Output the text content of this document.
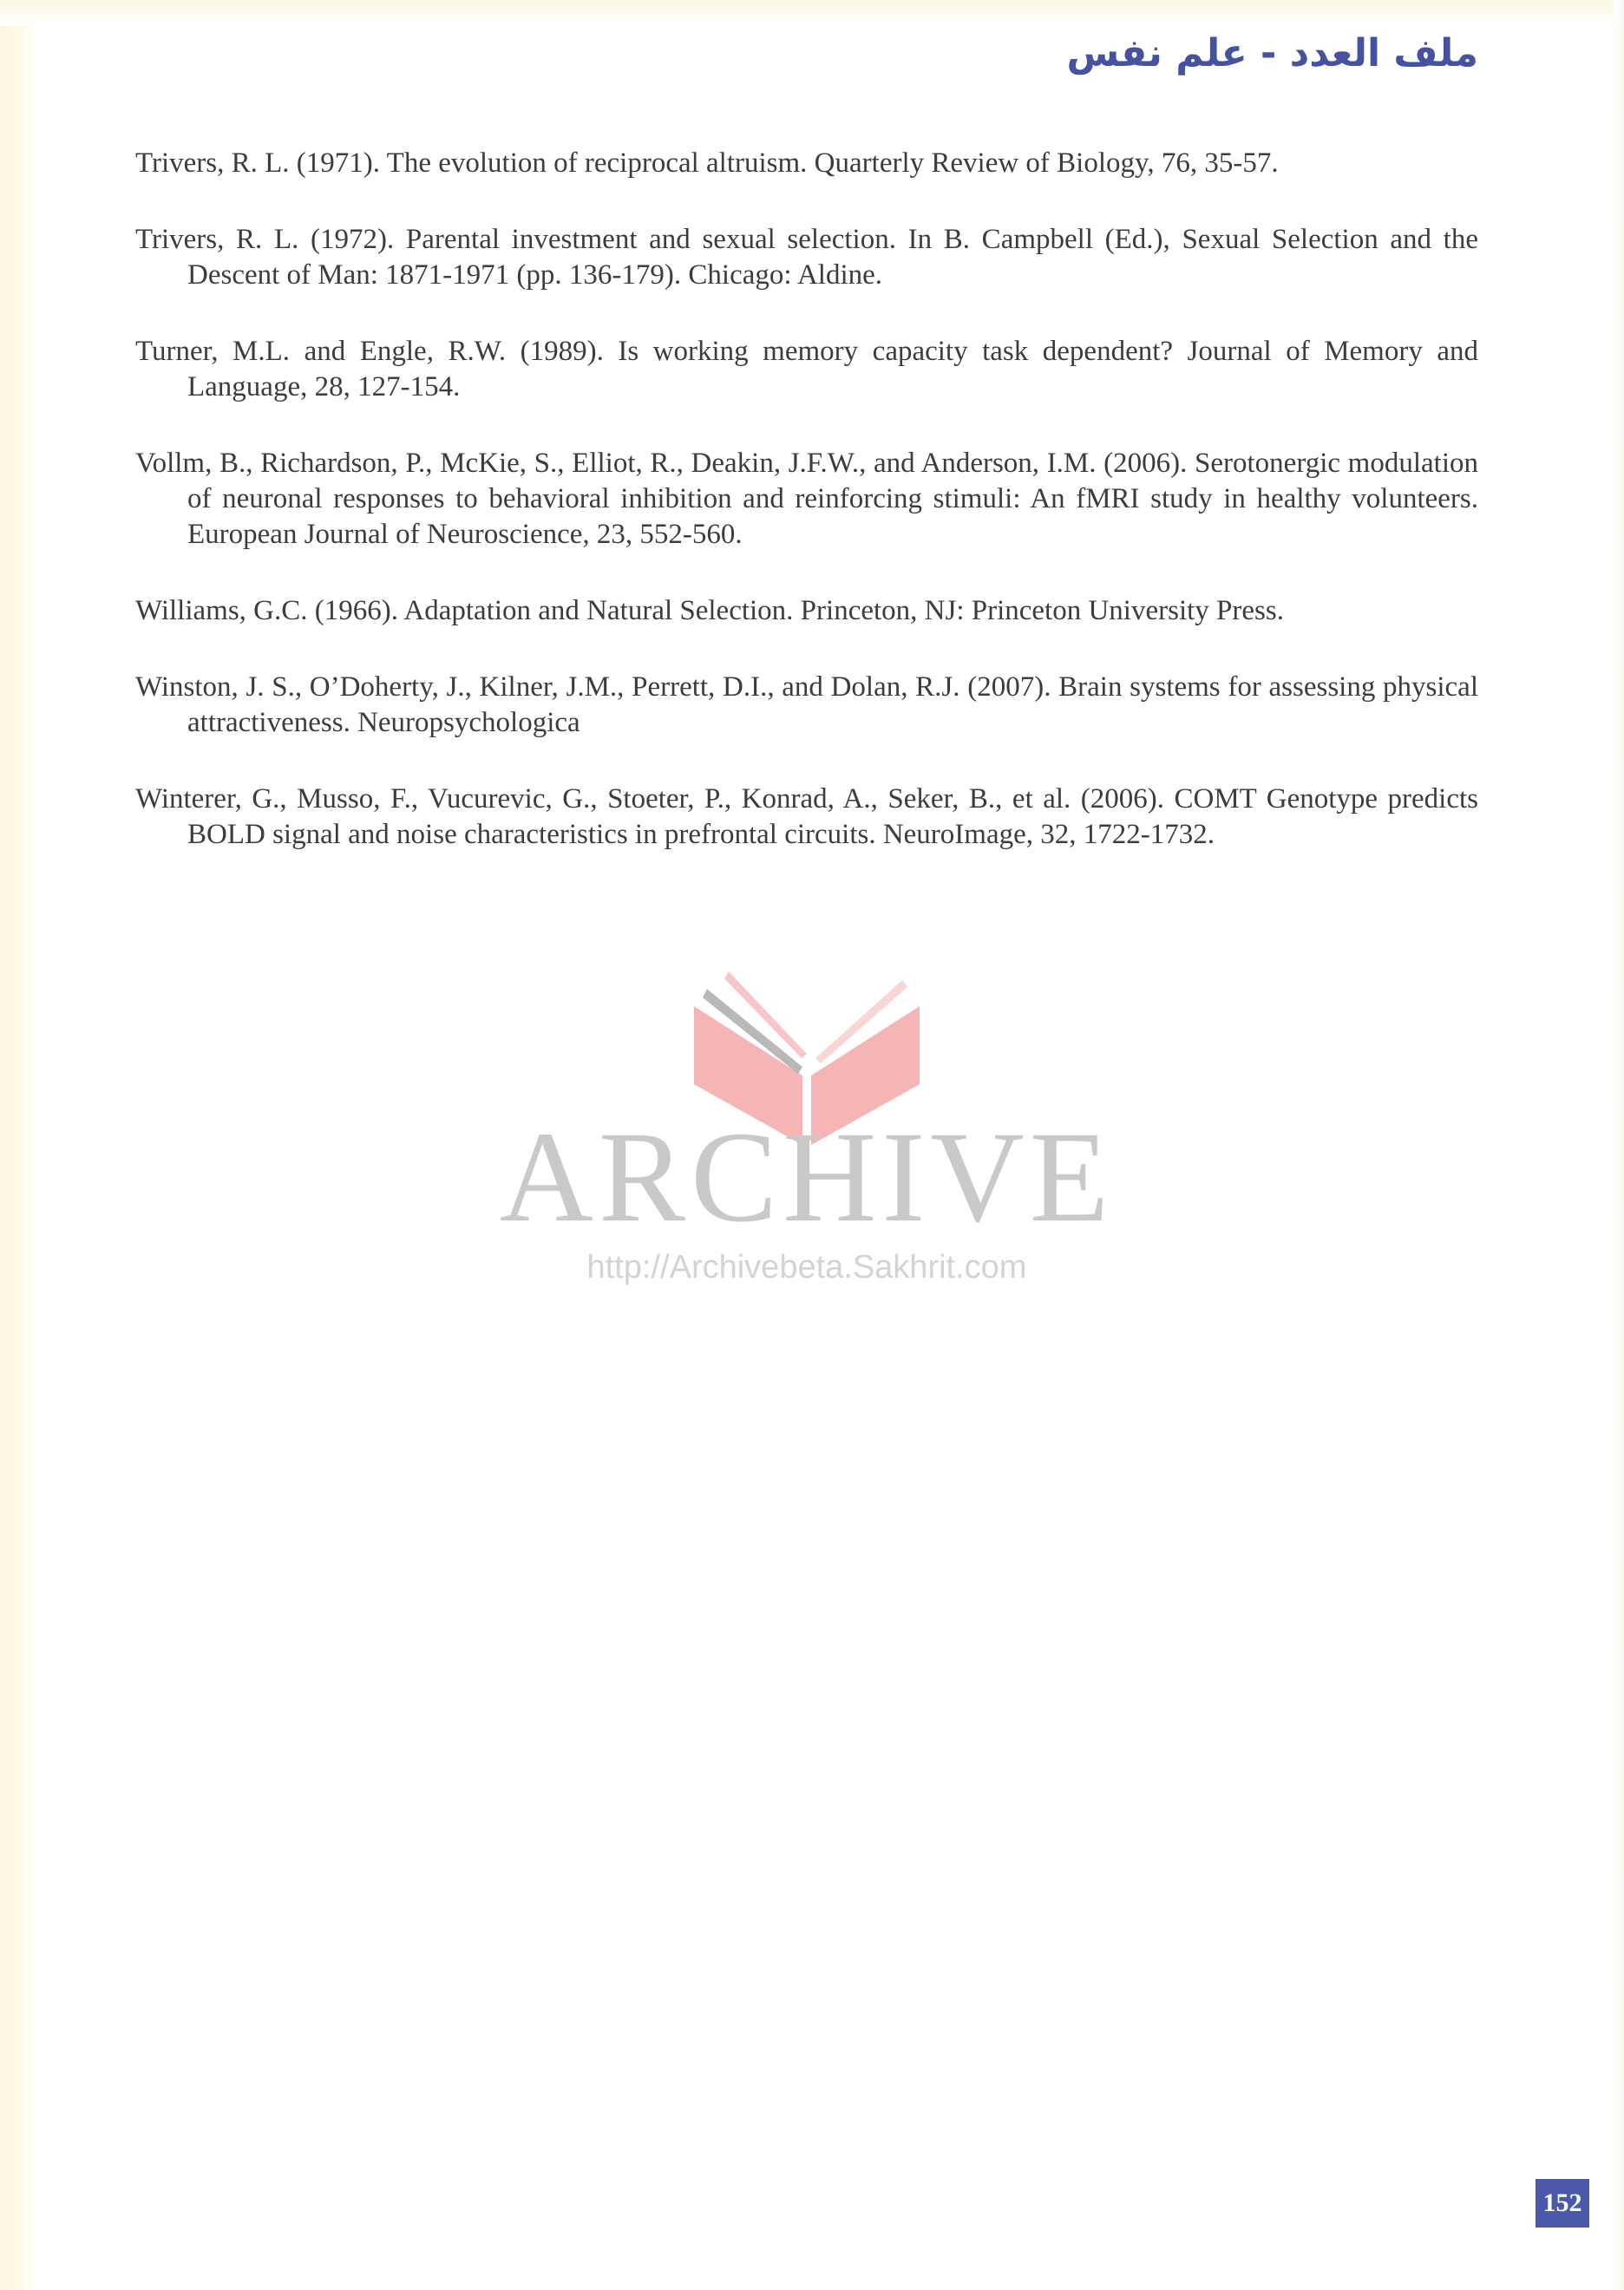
ملف العدد - علم نفس

Trivers, R. L. (1971). The evolution of reciprocal altruism. Quarterly Review of Biology, 76, 35-57.

Trivers, R. L. (1972). Parental investment and sexual selection. In B. Campbell (Ed.), Sexual Selection and the Descent of Man: 1871-1971 (pp. 136-179). Chicago: Aldine.

Turner, M.L. and Engle, R.W. (1989). Is working memory capacity task dependent? Journal of Memory and Language, 28, 127-154.

Vollm, B., Richardson, P., McKie, S., Elliot, R., Deakin, J.F.W., and Anderson, I.M. (2006). Serotonergic modulation of neuronal responses to behavioral inhibition and reinforcing stimuli: An fMRI study in healthy volunteers. European Journal of Neuroscience, 23, 552-560.

Williams, G.C. (1966). Adaptation and Natural Selection. Princeton, NJ: Princeton University Press.

Winston, J. S., O’Doherty, J., Kilner, J.M., Perrett, D.I., and Dolan, R.J. (2007). Brain systems for assessing physical attractiveness. Neuropsychologica

Winterer, G., Musso, F., Vucurevic, G., Stoeter, P., Konrad, A., Seker, B., et al. (2006). COMT Genotype predicts BOLD signal and noise characteristics in prefrontal circuits. NeuroImage, 32, 1722-1732.

ARCHIVE
http://Archivebeta.Sakhrit.com
152
